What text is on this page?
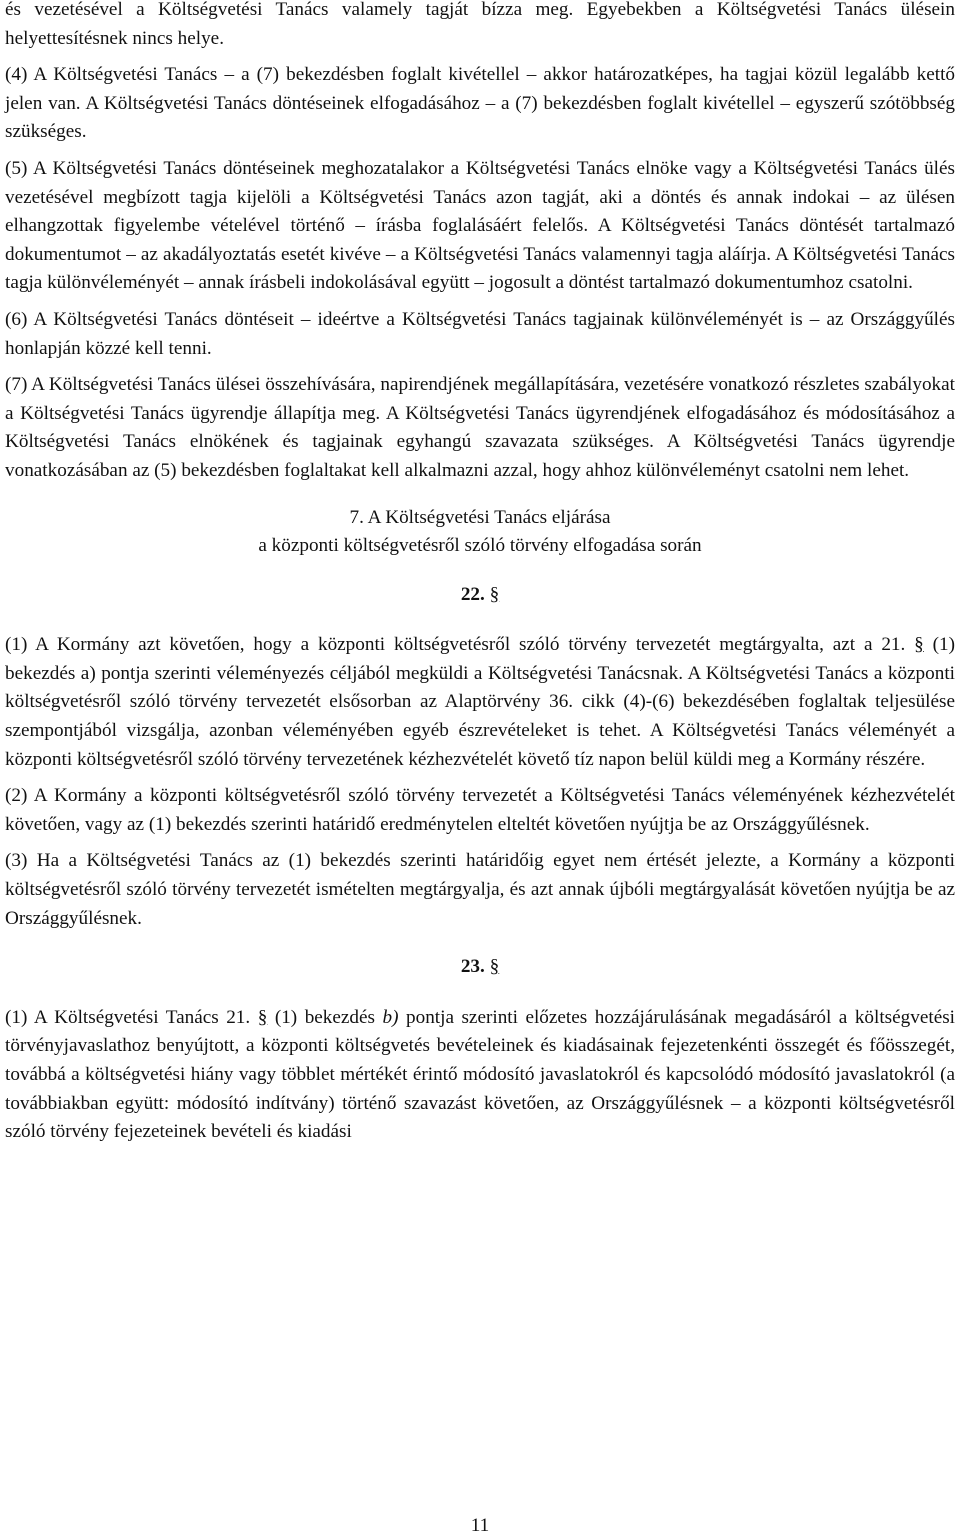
és vezetésével a Költségvetési Tanács valamely tagját bízza meg. Egyebekben a Költségvetési Tanács ülésein helyettesítésnek nincs helye.

(4) A Költségvetési Tanács – a (7) bekezdésben foglalt kivétellel – akkor határozatképes, ha tagjai közül legalább kettő jelen van. A Költségvetési Tanács döntéseinek elfogadásához – a (7) bekezdésben foglalt kivétellel – egyszerű szótöbbség szükséges.

(5) A Költségvetési Tanács döntéseinek meghozatalakor a Költségvetési Tanács elnöke vagy a Költségvetési Tanács ülés vezetésével megbízott tagja kijelöli a Költségvetési Tanács azon tagját, aki a döntés és annak indokai – az ülésen elhangzottak figyelembe vételével történő – írásba foglalásáért felelős. A Költségvetési Tanács döntését tartalmazó dokumentumot – az akadályoztatás esetét kivéve – a Költségvetési Tanács valamennyi tagja aláírja. A Költségvetési Tanács tagja különvéleményét – annak írásbeli indokolásával együtt – jogosult a döntést tartalmazó dokumentumhoz csatolni.

(6) A Költségvetési Tanács döntéseit – ideértve a Költségvetési Tanács tagjainak különvéleményét is – az Országgyűlés honlapján közzé kell tenni.

(7) A Költségvetési Tanács ülései összehívására, napirendjének megállapítására, vezetésére vonatkozó részletes szabályokat a Költségvetési Tanács ügyrendje állapítja meg. A Költségvetési Tanács ügyrendjének elfogadásához és módosításához a Költségvetési Tanács elnökének és tagjainak egyhangú szavazata szükséges. A Költségvetési Tanács ügyrendje vonatkozásában az (5) bekezdésben foglaltakat kell alkalmazni azzal, hogy ahhoz különvéleményt csatolni nem lehet.

7. A Költségvetési Tanács eljárása
a központi költségvetésről szóló törvény elfogadása során
22. §

(1) A Kormány azt követően, hogy a központi költségvetésről szóló törvény tervezetét megtárgyalta, azt a 21. § (1) bekezdés a) pontja szerinti véleményezés céljából megküldi a Költségvetési Tanácsnak. A Költségvetési Tanács a központi költségvetésről szóló törvény tervezetét elsősorban az Alaptörvény 36. cikk (4)-(6) bekezdésében foglaltak teljesülése szempontjából vizsgálja, azonban véleményében egyéb észrevételeket is tehet. A Költségvetési Tanács véleményét a központi költségvetésről szóló törvény tervezetének kézhezvételét követő tíz napon belül küldi meg a Kormány részére.

(2) A Kormány a központi költségvetésről szóló törvény tervezetét a Költségvetési Tanács véleményének kézhezvételét követően, vagy az (1) bekezdés szerinti határidő eredménytelen elteltét követően nyújtja be az Országgyűlésnek.

(3) Ha a Költségvetési Tanács az (1) bekezdés szerinti határidőig egyet nem értését jelezte, a Kormány a központi költségvetésről szóló törvény tervezetét ismételten megtárgyalja, és azt annak újbóli megtárgyalását követően nyújtja be az Országgyűlésnek.

23. §

(1) A Költségvetési Tanács 21. § (1) bekezdés b) pontja szerinti előzetes hozzájárulásának megadásáról a költségvetési törvényjavaslathoz benyújtott, a központi költségvetés bevételeinek és kiadásainak fejezetenkénti összegét és főösszegét, továbbá a költségvetési hiány vagy többlet mértékét érintő módosító javaslatokról és kapcsolódó módosító javaslatokról (a továbbiakban együtt: módosító indítvány) történő szavazást követően, az Országgyűlésnek – a központi költségvetésről szóló törvény fejezeteinek bevételi és kiadási

11
